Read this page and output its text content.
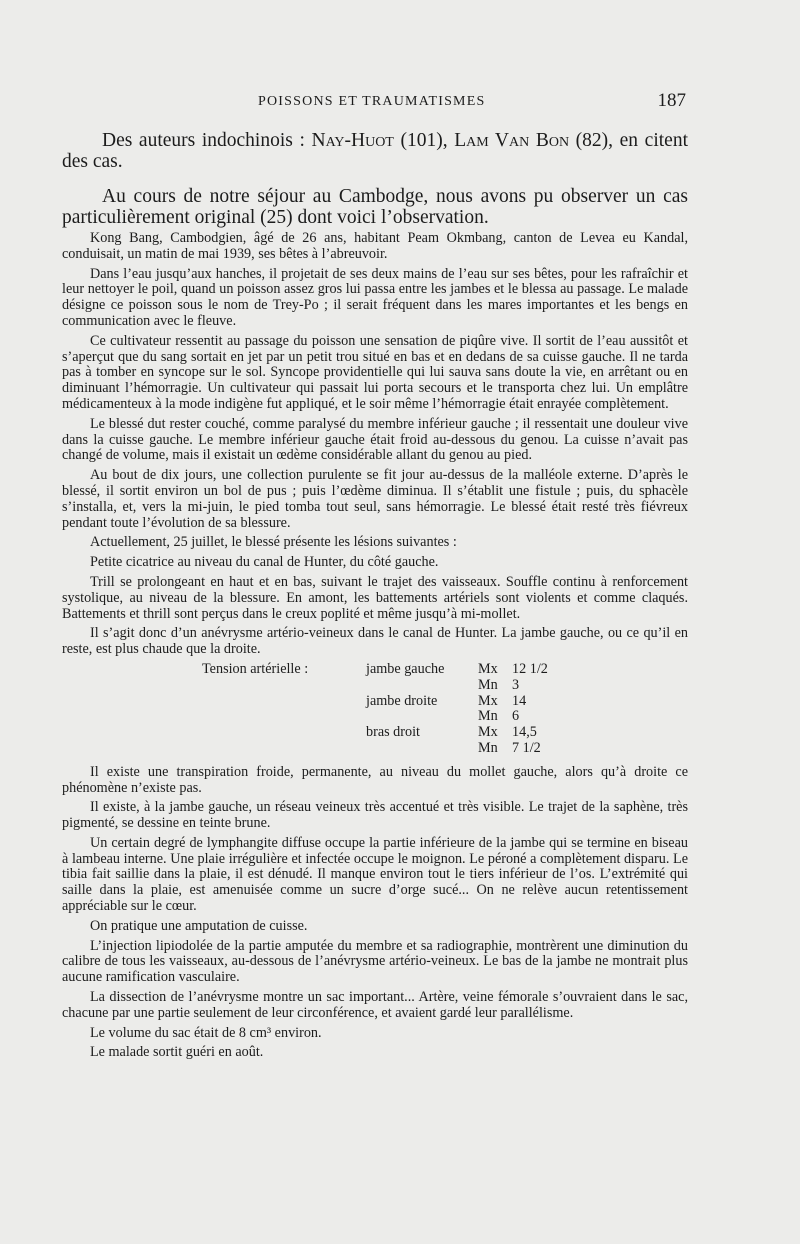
POISSONS ET TRAUMATISMES	187

Des auteurs indochinois : Nay-Huot (101), Lam Van Bon (82), en citent des cas.

Au cours de notre séjour au Cambodge, nous avons pu observer un cas particulièrement original (25) dont voici l’observation.

Kong Bang, Cambodgien, âgé de 26 ans, habitant Peam Okmbang, canton de Levea eu Kandal, conduisait, un matin de mai 1939, ses bêtes à l’abreuvoir.

Dans l’eau jusqu’aux hanches, il projetait de ses deux mains de l’eau sur ses bêtes, pour les rafraîchir et leur nettoyer le poil, quand un poisson assez gros lui passa entre les jambes et le blessa au passage. Le malade désigne ce poisson sous le nom de Trey-Po ; il serait fréquent dans les mares importantes et les bengs en communication avec le fleuve.

Ce cultivateur ressentit au passage du poisson une sensation de piqûre vive. Il sortit de l’eau aussitôt et s’aperçut que du sang sortait en jet par un petit trou situé en bas et en dedans de sa cuisse gauche. Il ne tarda pas à tomber en syncope sur le sol. Syncope providentielle qui lui sauva sans doute la vie, en arrêtant ou en diminuant l’hémorragie. Un cultivateur qui passait lui porta secours et le transporta chez lui. Un emplâtre médicamenteux à la mode indigène fut appliqué, et le soir même l’hémorragie était enrayée complètement.

Le blessé dut rester couché, comme paralysé du membre inférieur gauche ; il ressentait une douleur vive dans la cuisse gauche. Le membre inférieur gauche était froid au-dessous du genou. La cuisse n’avait pas changé de volume, mais il existait un œdème considérable allant du genou au pied.

Au bout de dix jours, une collection purulente se fit jour au-dessus de la malléole externe. D’après le blessé, il sortit environ un bol de pus ; puis l’œdème diminua. Il s’établit une fistule ; puis, du sphacèle s’installa, et, vers la mi-juin, le pied tomba tout seul, sans hémorragie. Le blessé était resté très fiévreux pendant toute l’évolution de sa blessure.

Actuellement, 25 juillet, le blessé présente les lésions suivantes :

Petite cicatrice au niveau du canal de Hunter, du côté gauche.

Trill se prolongeant en haut et en bas, suivant le trajet des vaisseaux. Souffle continu à renforcement systolique, au niveau de la blessure. En amont, les battements artériels sont violents et comme claqués. Battements et thrill sont perçus dans le creux poplité et même jusqu’à mi-mollet.

Il s’agit donc d’un anévrysme artério-veineux dans le canal de Hunter. La jambe gauche, ou ce qu’il en reste, est plus chaude que la droite.

Tension artérielle :	jambe gauche	Mx	12 1/2
		Mn	3
	jambe droite	Mx	14
		Mn	6
	bras droit	Mx	14,5
		Mn	7 1/2

Il existe une transpiration froide, permanente, au niveau du mollet gauche, alors qu’à droite ce phénomène n’existe pas.

Il existe, à la jambe gauche, un réseau veineux très accentué et très visible. Le trajet de la saphène, très pigmenté, se dessine en teinte brune.

Un certain degré de lymphangite diffuse occupe la partie inférieure de la jambe qui se termine en biseau à lambeau interne. Une plaie irrégulière et infectée occupe le moignon. Le péroné a complètement disparu. Le tibia fait saillie dans la plaie, il est dénudé. Il manque environ tout le tiers inférieur de l’os. L’extrémité qui saille dans la plaie, est amenuisée comme un sucre d’orge sucé... On ne relève aucun retentissement appréciable sur le cœur.

On pratique une amputation de cuisse.

L’injection lipiodolée de la partie amputée du membre et sa radiographie, montrèrent une diminution du calibre de tous les vaisseaux, au-dessous de l’anévrysme artério-veineux. Le bas de la jambe ne montrait plus aucune ramification vasculaire.

La dissection de l’anévrysme montre un sac important... Artère, veine fémorale s’ouvraient dans le sac, chacune par une partie seulement de leur circonférence, et avaient gardé leur parallélisme.

Le volume du sac était de 8 cm³ environ.

Le malade sortit guéri en août.
